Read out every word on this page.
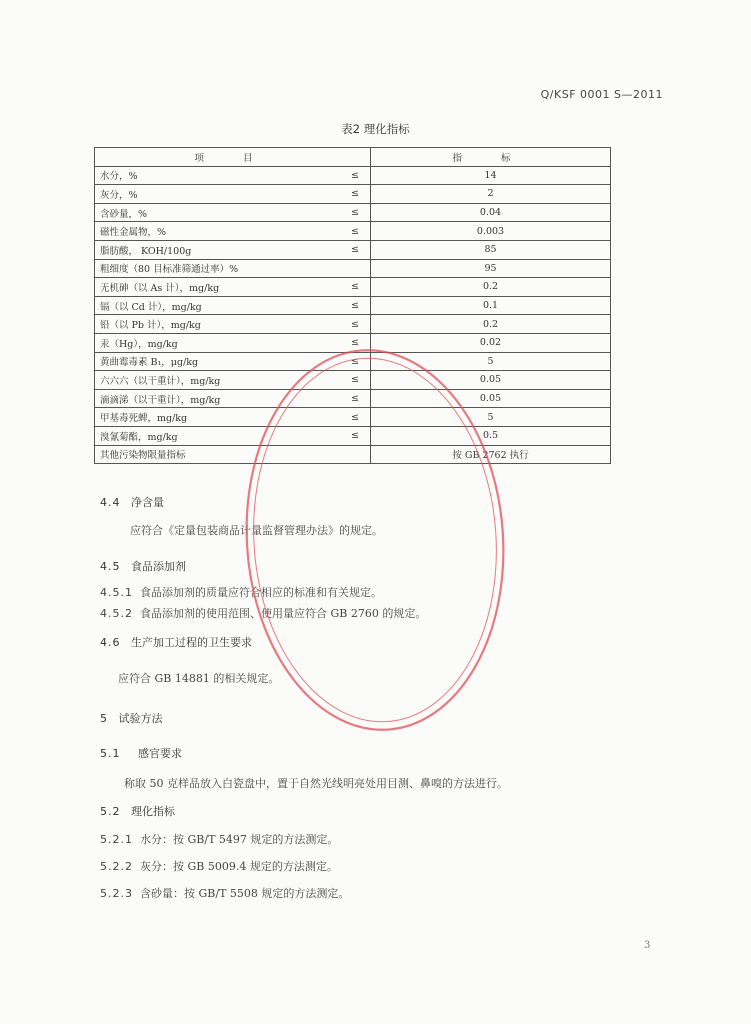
Q/KSF 0001 S—2011
表2 理化指标
项 目	指 标

水分，% ≤	14

灰分，% ≤	2

含砂量，% ≤	0.04

磁性金属物，% ≤	0.003

脂肪酸， KOH/100g ≤	85

粗细度（80 目标准筛通过率）%	95

无机砷（以 As 计），mg/kg ≤	0.2

镉（以 Cd 计），mg/kg ≤	0.1

铅（以 Pb 计），mg/kg ≤	0.2

汞（Hg），mg/kg ≤	0.02

黄曲霉毒素 B₁，μg/kg ≤	5

六六六（以干重计），mg/kg ≤	0.05

滴滴涕（以干重计），mg/kg ≤	0.05

甲基毒死蜱，mg/kg ≤	5

溴氰菊酯，mg/kg ≤	0.5

其他污染物限量指标	按 GB 2762 执行
4.4 净含量
应符合《定量包装商品计量监督管理办法》的规定。
4.5 食品添加剂
4.5.1 食品添加剂的质量应符合相应的标准和有关规定。
4.5.2 食品添加剂的使用范围、使用量应符合 GB 2760 的规定。
4.6 生产加工过程的卫生要求
应符合 GB 14881 的相关规定。
5 试验方法
5.1 感官要求
称取 50 克样品放入白瓷盘中，置于自然光线明亮处用目测、鼻嗅的方法进行。
5.2 理化指标
5.2.1 水分：按 GB/T 5497 规定的方法测定。
5.2.2 灰分：按 GB 5009.4 规定的方法测定。
5.2.3 含砂量：按 GB/T 5508 规定的方法测定。
3
